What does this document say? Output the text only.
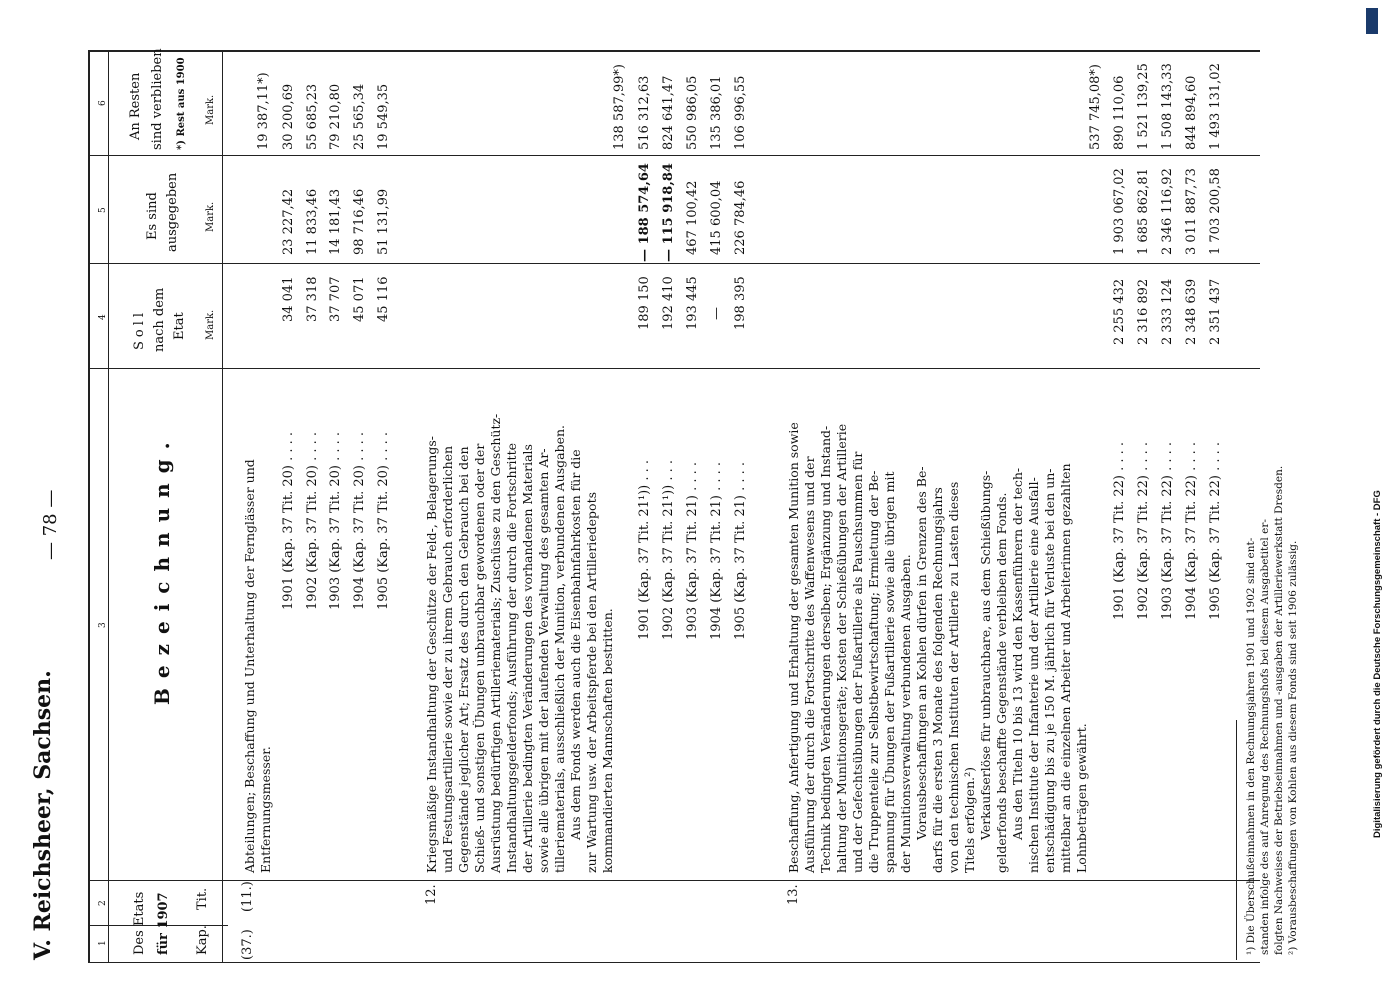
Digitalisierung gefördert durch die Deutsche Forschungsgemeinschaft - DFG
V. Reichsheer, Sachsen.
— 78 —
1
2
3
4
5
6
Des Etats für 1907 Kap.
Tit.
Bezeichnung.
Soll nach dem Etat Mark.
Es sind ausgegeben	Mark.
An Resten sind verblieben *) Rest aus 1900 Mark.
(37.)
(11.)
Abteilungen; Beschaffung und Unterhaltung der Fernglässer und Entfernungsmesser.
1901 (Kap. 37 Tit. 20) . . . . 1902 (Kap. 37 Tit. 20) . . . . 1903 (Kap. 37 Tit. 20) . . . . 1904 (Kap. 37 Tit. 20) . . . . 1905 (Kap. 37 Tit. 20) . . . .
34 041 37 318 37 707 45 071 45 116
23 227,42 11 833,46 14 181,43 98 716,46 51 131,99
19 387,11*) 30 200,69 55 685,23 79 210,80 25 565,34 19 549,35
12.
Kriegsmäßige Instandhaltung der Geschütze der Feld-, Belagerungs- und Festungsartillerie sowie der zu ihrem Gebrauch erforderlichen Gegenstände jeglicher Art; Ersatz des durch den Gebrauch bei den Schieß- und sonstigen Übungen unbrauchbar gewordenen oder der Ausrüstung bedürftigen Artilleriematerials; Zuschüsse zu den Geschütz- Instandhaltungsgelderfonds; Ausführung der durch die Fortschritte der Artillerie bedingten Veränderungen des vorhandenen Materials sowie alle übrigen mit der laufenden Verwaltung des gesamten Ar- tilleriematerials, ausschließlich der Munition, verbundenen Ausgaben. Aus dem Fonds werden auch die Eisenbahnfahrkosten für die zur Wartung usw. der Arbeitspferde bei den Artilleriedepots kommandierten Mannschaften bestritten.
1901 (Kap. 37 Tit. 21¹)) . . . 1902 (Kap. 37 Tit. 21¹)) . . . 1903 (Kap. 37 Tit. 21) . . . . 1904 (Kap. 37 Tit. 21) . . . . 1905 (Kap. 37 Tit. 21) . . . .
189 150 192 410 193 445 — 198 395
— 188 574,64 — 115 918,84 467 100,42 415 600,04 226 784,46
138 587,99*) 516 312,63 824 641,47 550 986,05 135 386,01 106 996,55
13.
Beschaffung, Anfertigung und Erhaltung der gesamten Munition sowie Ausführung der durch die Fortschritte des Waffenwesens und der Technik bedingten Veränderungen derselben; Ergänzung und Instand- haltung der Munitionsgeräte; Kosten der Schießübungen der Artillerie und der Gefechtsübungen der Fußartillerie als Pauschsummen für die Truppenteile zur Selbstbewirtschaftung; Ermietung der Be- spannung für Übungen der Fußartillerie sowie alle übrigen mit der Munitionsverwaltung verbundenen Ausgaben. Vorausbeschaffungen an Kohlen dürfen in Grenzen des Be- darfs für die ersten 3 Monate des folgenden Rechnungsjahrs von den technischen Instituten der Artillerie zu Lasten dieses Titels erfolgen.²) Verkaufserlöse für unbrauchbare, aus dem Schießübungs- gelderfonds beschaffte Gegenstände verbleiben dem Fonds. Aus den Titeln 10 bis 13 wird den Kassenführern der tech- nischen Institute der Infanterie und der Artillerie eine Ausfall- entschädigung bis zu je 150 M. jährlich für Verluste bei den un- mittelbar an die einzelnen Arbeiter und Arbeiterinnen gezahlten Lohnbeträgen gewährt.
1901 (Kap. 37 Tit. 22) . . . . 1902 (Kap. 37 Tit. 22) . . . . 1903 (Kap. 37 Tit. 22) . . . . 1904 (Kap. 37 Tit. 22) . . . . 1905 (Kap. 37 Tit. 22) . . . .
2 255 432 2 316 892 2 333 124 2 348 639 2 351 437
1 903 067,02 1 685 862,81 2 346 116,92 3 011 887,73 1 703 200,58
537 745,08*) 890 110,06 1 521 139,25 1 508 143,33 844 894,60 1 493 131,02
¹) Die Überschußeinnahmen in den Rechnungsjahren 1901 und 1902 sind ent- standen infolge des auf Anregung des Rechnungshofs bei diesem Ausgabetitel er- folgten Nachweises der Betriebseinnahmen und -ausgaben der Artilleriewerkstatt Dresden. ²) Vorausbeschaffungen von Kohlen aus diesem Fonds sind seit 1906 zulässig.
